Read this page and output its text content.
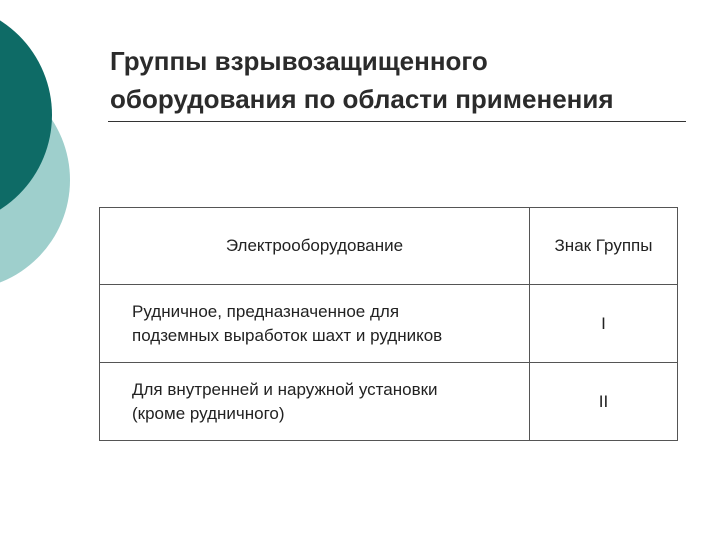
Группы взрывозащищенного
оборудования по области применения
Электрооборудование	Знак Группы
Рудничное, предназначенное для
подземных выработок шахт и рудников	I
Для внутренней и наружной установки
(кроме рудничного)	II
